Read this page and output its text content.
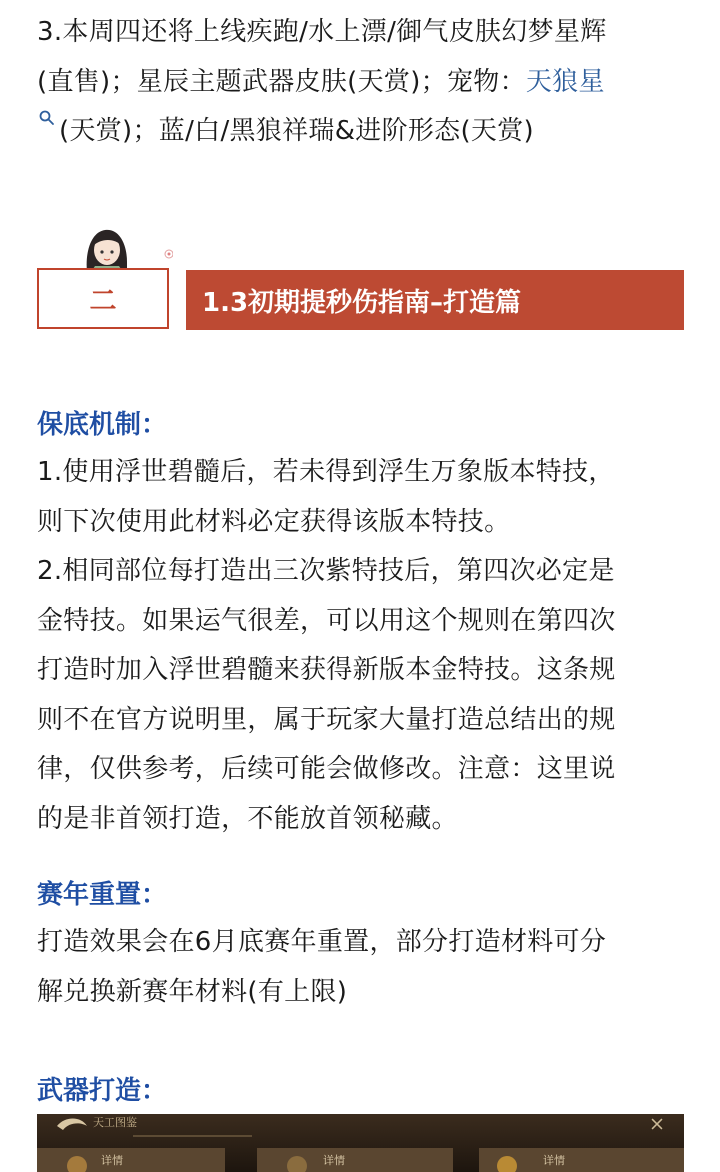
3.本周四还将上线疾跑/水上漂/御气皮肤幻梦星辉
(直售)；星辰主题武器皮肤(天赏)；宠物：天狼星
(天赏)；蓝/白/黑狼祥瑞&进阶形态(天赏)
二	1.3初期提秒伤指南–打造篇
保底机制：
1.使用浮世碧髓后，若未得到浮生万象版本特技，
则下次使用此材料必定获得该版本特技。
2.相同部位每打造出三次紫特技后，第四次必定是
金特技。如果运气很差，可以用这个规则在第四次
打造时加入浮世碧髓来获得新版本金特技。这条规
则不在官方说明里，属于玩家大量打造总结出的规
律，仅供参考，后续可能会做修改。注意：这里说
的是非首领打造，不能放首领秘藏。
赛年重置：
打造效果会在6月底赛年重置，部分打造材料可分
解兑换新赛年材料(有上限)
武器打造：
天工图鉴
详情	详情	详情
